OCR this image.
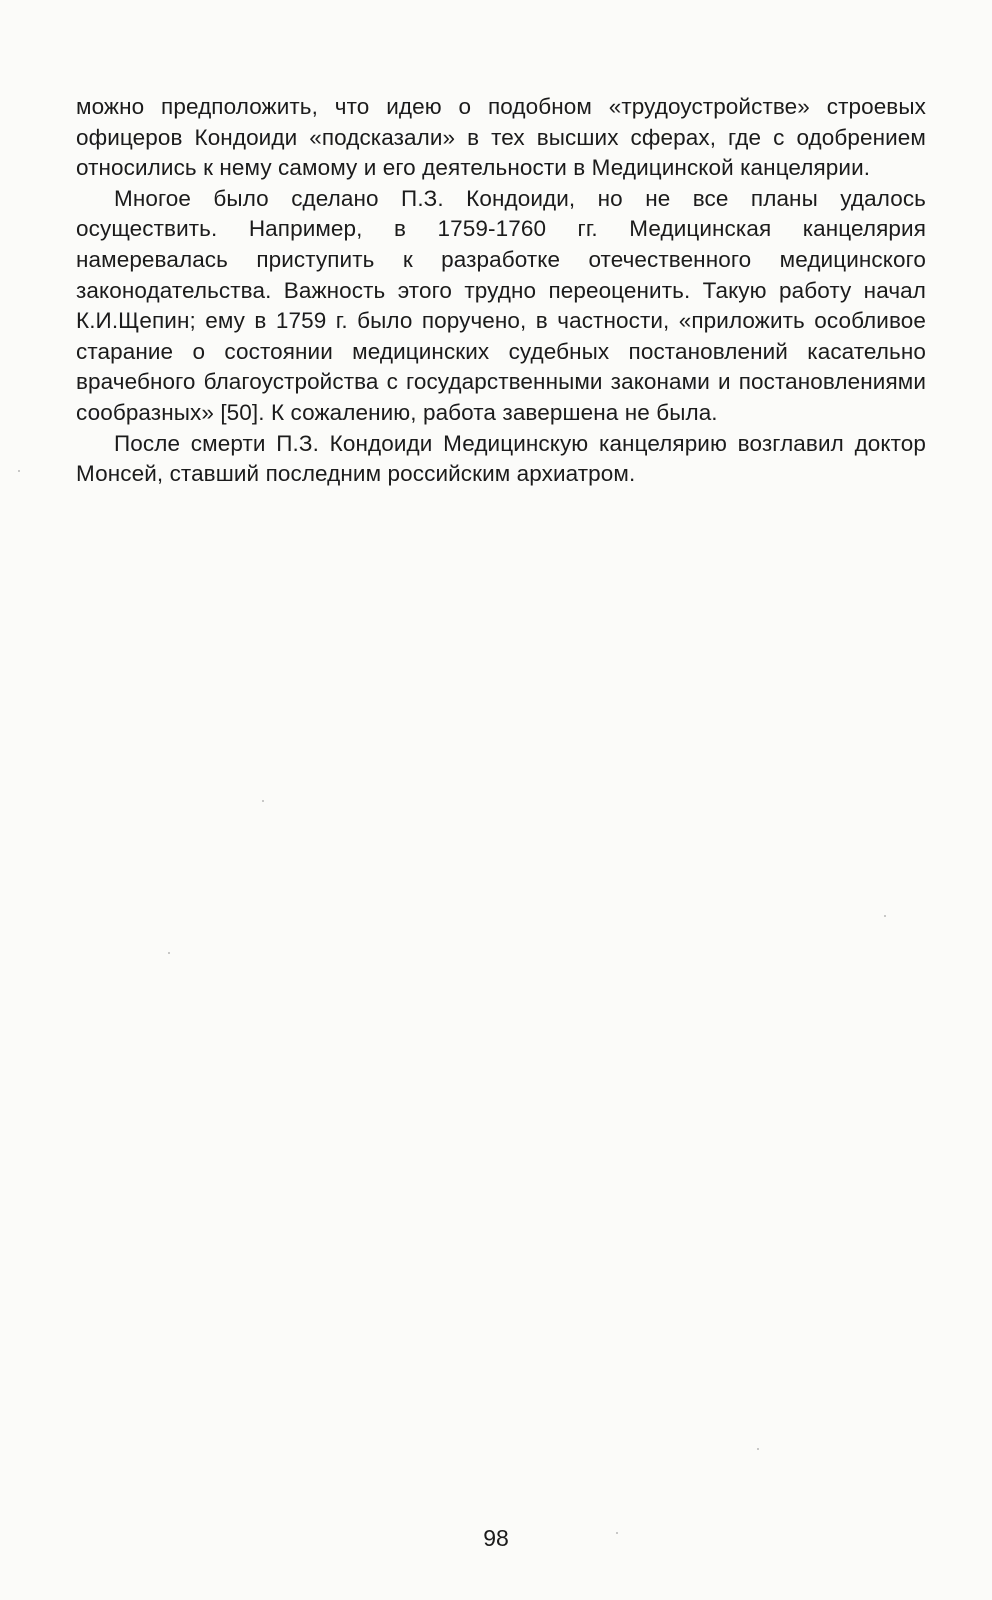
можно предположить, что идею о подобном «трудоустройстве» строевых офицеров Кондоиди «подсказали» в тех высших сферах, где с одобрением относились к нему самому и его деятельности в Медицинской канцелярии.

Многое было сделано П.З. Кондоиди, но не все планы удалось осуществить. Например, в 1759-1760 гг. Медицинская канцелярия намеревалась приступить к разработке отечественного медицинского законодательства. Важность этого трудно переоценить. Такую работу начал К.И.Щепин; ему в 1759 г. было поручено, в частности, «приложить особливое старание о состоянии медицинских судебных постановлений касательно врачебного благоустройства с государственными законами и постановлениями сообразных» [50]. К сожалению, работа завершена не была.

После смерти П.З. Кондоиди Медицинскую канцелярию возглавил доктор Монсей, ставший последним российским архиатром.

98
